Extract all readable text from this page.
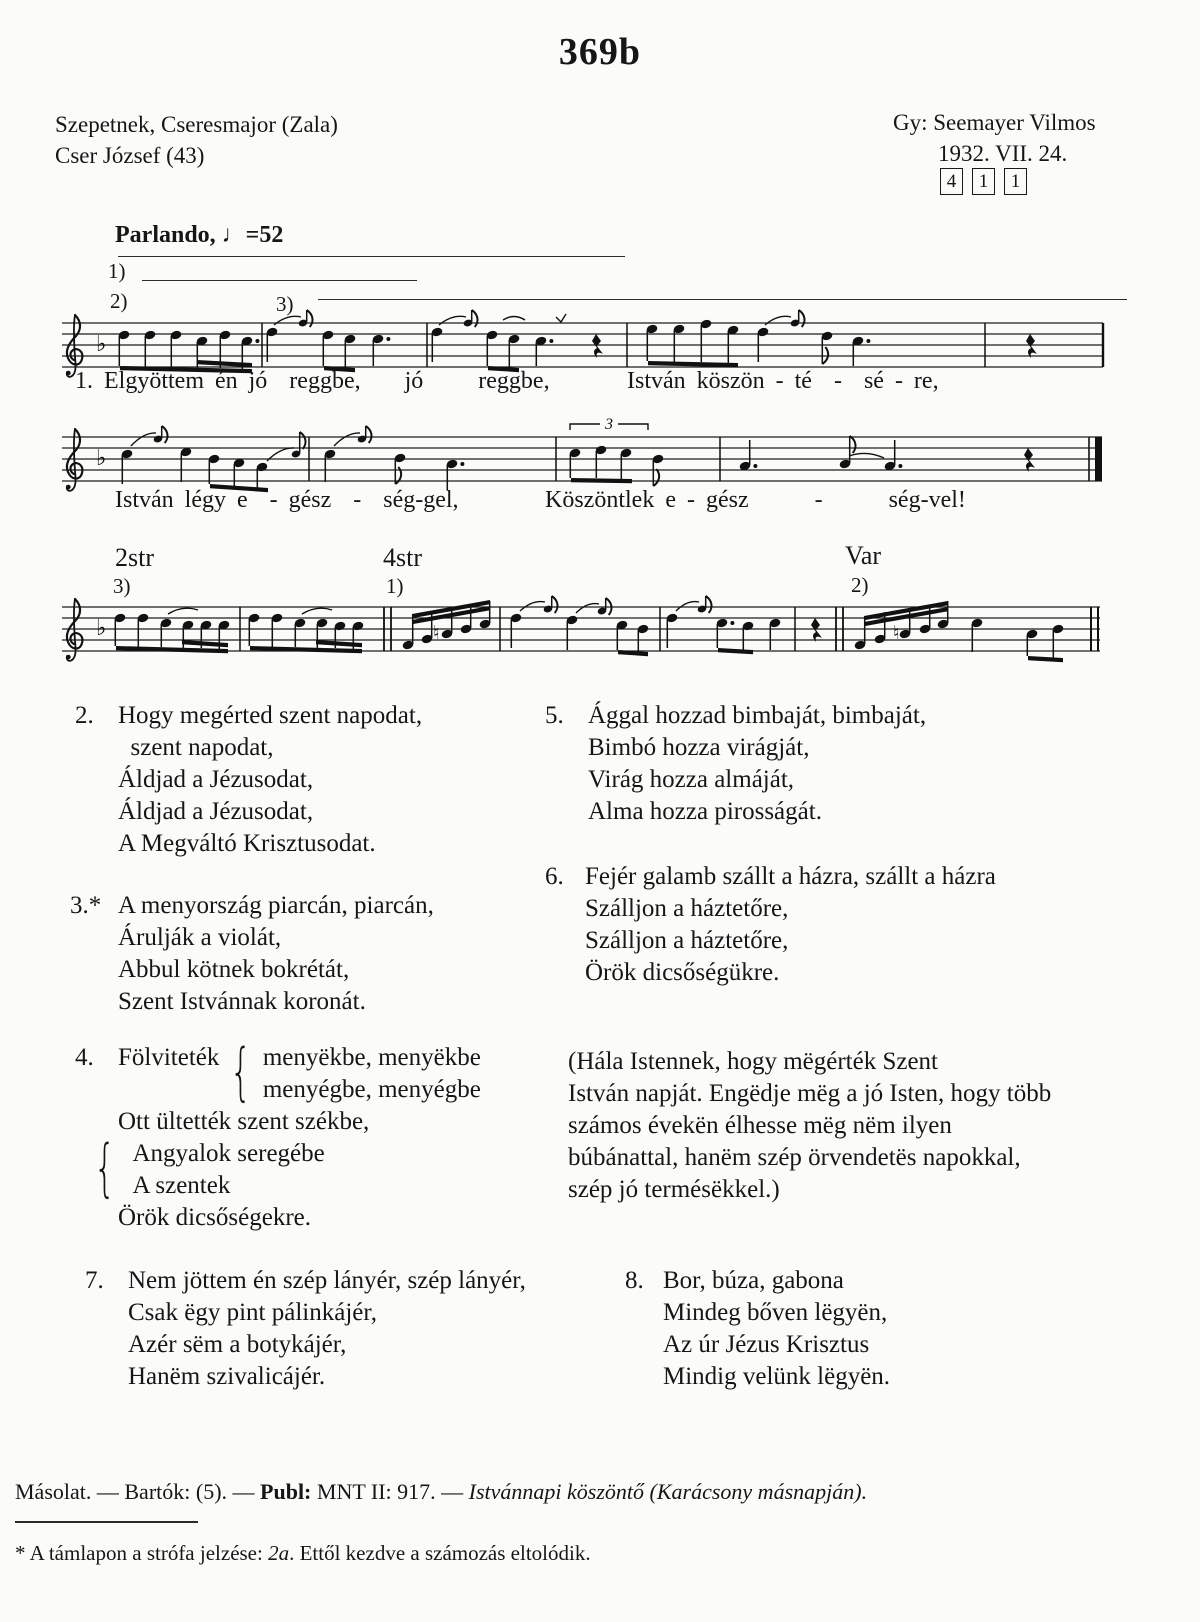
369b
Szepetnek, Cseresmajor (Zala)
Cser József (43)
Gy: Seemayer Vilmos
1932. VII. 24.
4 1 1
Parlando, ♩=52
1)
2)	3)
♭
♭
3
♭	♮	♮
1. Elgyöttem én jó  reggbe,    jó     reggbe,	István köszön - té  -  sé - re,
István légy e  - gész  -  ség-gel,	Köszöntlek e - gész      -      ség-vel!
2str
3)
4str
1)
Var
2)
2. Hogy megérted szent napodat,
szent napodat,
Áldjad a Jézusodat,
Áldjad a Jézusodat,
A Megváltó Krisztusodat.
3.* A menyország piarcán, piarcán,
Árulják a violát,
Abbul kötnek bokrétát,
Szent Istvánnak koronát.
4. Fölviteték { menyëkbe, menyëkbe
menyégbe, menyégbe
Ott ültették szent székbe,
{ Angyalok seregébe
A szentek
Örök dicsőségekre.
5. Ággal hozzad bimbaját, bimbaját,
Bimbó hozza virágját,
Virág hozza almáját,
Alma hozza pirosságát.
6. Fejér galamb szállt a házra, szállt a házra
Szálljon a háztetőre,
Szálljon a háztetőre,
Örök dicsőségükre.
(Hála Istennek, hogy mëgérték Szent
István napját. Engëdje mëg a jó Isten, hogy több
számos évekën élhesse mëg nëm ilyen
búbánattal, hanëm szép örvendetës napokkal,
szép jó termésëkkel.)
7. Nem jöttem én szép lányér, szép lányér,
Csak ëgy pint pálinkájér,
Azér sëm a botykájér,
Hanëm szivalicájér.
8. Bor, búza, gabona
Mindeg bőven lëgyën,
Az úr Jézus Krisztus
Mindig velünk lëgyën.
Másolat. — Bartók: (5). — Publ: MNT II: 917. — Istvánnapi köszöntő (Karácsony másnapján).
* A támlapon a strófa jelzése: 2a. Ettől kezdve a számozás eltolódik.
